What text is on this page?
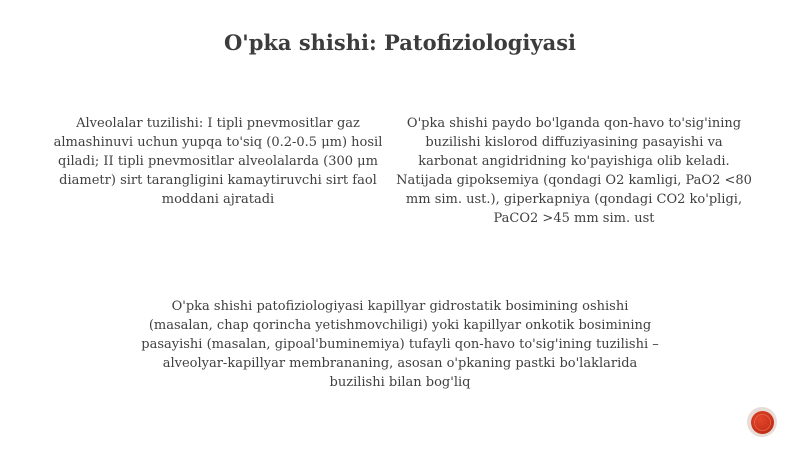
O'pka shishi: Patofiziologiyasi
Alveolalar tuzilishi: I tipli pnevmositlar gaz almashinuvi uchun yupqa to'siq (0.2-0.5 μm) hosil qiladi; II tipli pnevmositlar alveolalarda (300 μm diametr) sirt tarangligini kamaytiruvchi sirt faol moddani ajratadi
O'pka shishi paydo bo'lganda qon-havo to'sig'ining buzilishi kislorod diffuziyasining pasayishi va karbonat angidridning ko'payishiga olib keladi. Natijada gipoksemiya (qondagi O2 kamligi, PaO2 <80 mm sim. ust.), giperkapniya (qondagi CO2 ko'pligi, PaCO2 >45 mm sim. ust
O'pka shishi patofiziologiyasi kapillyar gidrostatik bosimining oshishi (masalan, chap qorincha yetishmovchiligi) yoki kapillyar onkotik bosimining pasayishi (masalan, gipoal'buminemiya) tufayli qon-havo to'sig'ining tuzilishi – alveolyar-kapillyar membrananing, asosan o'pkaning pastki bo'laklarida buzilishi bilan bog'liq
